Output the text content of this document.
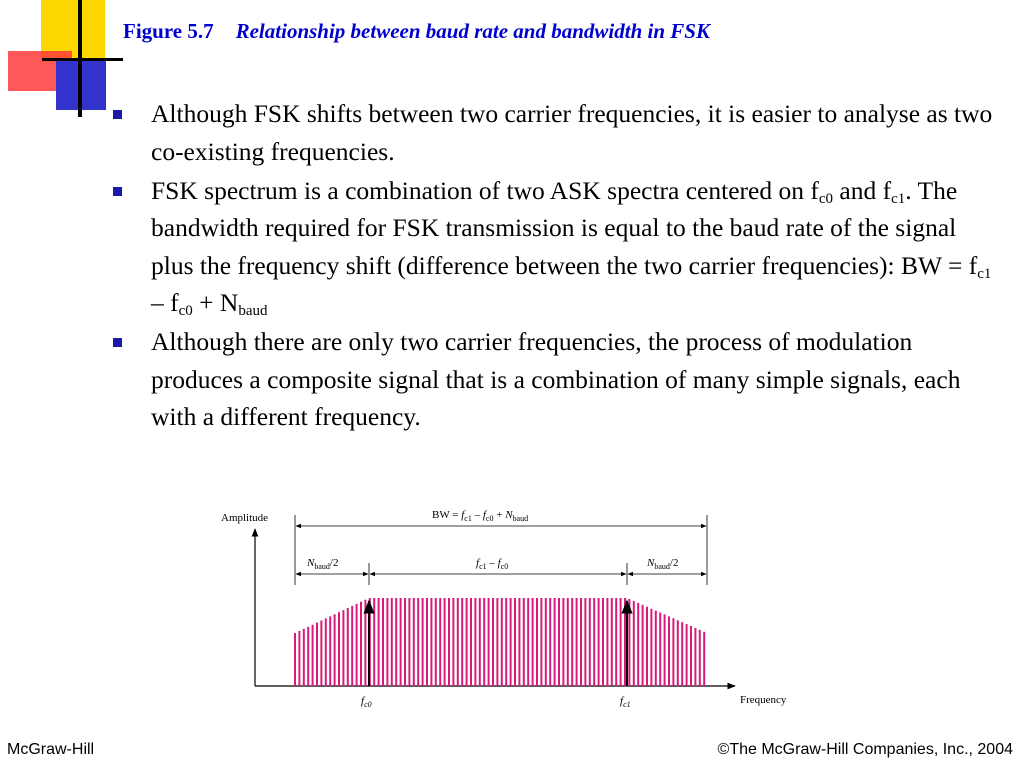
Figure 5.7 Relationship between baud rate and bandwidth in FSK
Although FSK shifts between two carrier frequencies, it is easier to analyse as two co-existing frequencies.
FSK spectrum is a combination of two ASK spectra centered on $f_{c0}$ and $f_{c1}$. The bandwidth required for FSK transmission is equal to the baud rate of the signal plus the frequency shift (difference between the two carrier frequencies): BW = $f_{c1} - f_{c0} + N_{baud}$
Although there are only two carrier frequencies, the process of modulation produces a composite signal that is a combination of many simple signals, each with a different frequency.
Amplitude
Frequency
$f_{c0}$	$f_{c1}$
BW = $f_{c1} - f_{c0} + N_{baud}$
$N_{baud}/2$	$f_{c1} - f_{c0}$	$N_{baud}/2$
McGraw-Hill	©The McGraw-Hill Companies, Inc., 2004
